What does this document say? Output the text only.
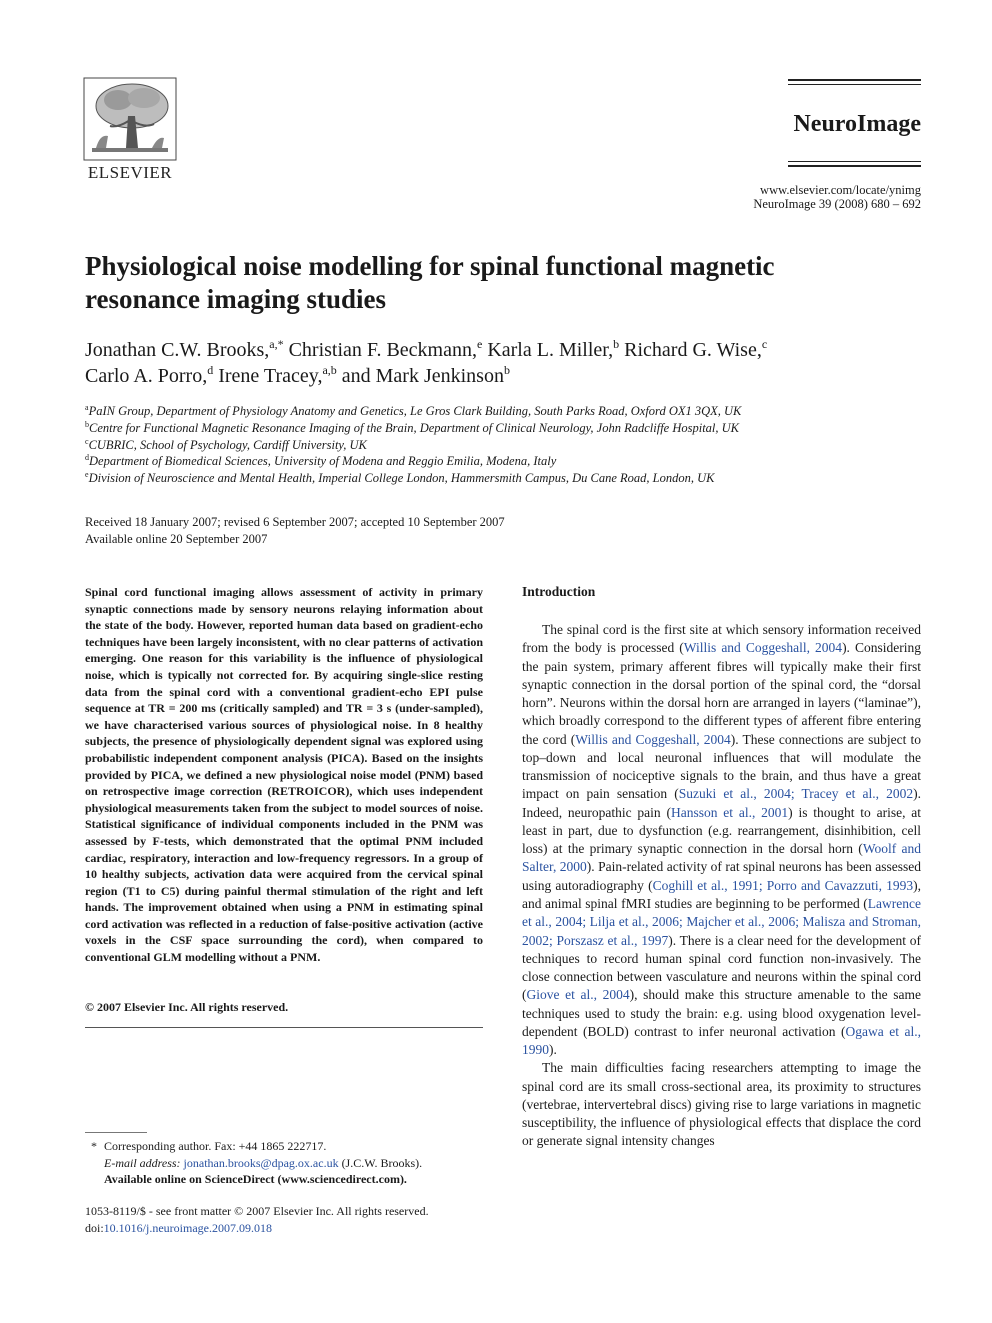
ELSEVIER
NeuroImage
www.elsevier.com/locate/ynimg
NeuroImage 39 (2008) 680 – 692
Physiological noise modelling for spinal functional magnetic resonance imaging studies
Jonathan C.W. Brooks,$^{a,*}$ Christian F. Beckmann,$^e$ Karla L. Miller,$^b$ Richard G. Wise,$^c$
Carlo A. Porro,$^d$ Irene Tracey,$^{a,b}$ and Mark Jenkinson$^b$
$^a$PaIN Group, Department of Physiology Anatomy and Genetics, Le Gros Clark Building, South Parks Road, Oxford OX1 3QX, UK
$^b$Centre for Functional Magnetic Resonance Imaging of the Brain, Department of Clinical Neurology, John Radcliffe Hospital, UK
$^c$CUBRIC, School of Psychology, Cardiff University, UK
$^d$Department of Biomedical Sciences, University of Modena and Reggio Emilia, Modena, Italy
$^e$Division of Neuroscience and Mental Health, Imperial College London, Hammersmith Campus, Du Cane Road, London, UK
Received 18 January 2007; revised 6 September 2007; accepted 10 September 2007
Available online 20 September 2007
Spinal cord functional imaging allows assessment of activity in primary synaptic connections made by sensory neurons relaying information about the state of the body. However, reported human data based on gradient-echo techniques have been largely inconsistent, with no clear patterns of activation emerging. One reason for this variability is the influence of physiological noise, which is typically not corrected for. By acquiring single-slice resting data from the spinal cord with a conventional gradient-echo EPI pulse sequence at TR = 200 ms (critically sampled) and TR = 3 s (under-sampled), we have characterised various sources of physiological noise. In 8 healthy subjects, the presence of physiologically dependent signal was explored using probabilistic independent component analysis (PICA). Based on the insights provided by PICA, we defined a new physiological noise model (PNM) based on retrospective image correction (RETROICOR), which uses independent physiological measurements taken from the subject to model sources of noise. Statistical significance of individual components included in the PNM was assessed by F-tests, which demonstrated that the optimal PNM included cardiac, respiratory, interaction and low-frequency regressors. In a group of 10 healthy subjects, activation data were acquired from the cervical spinal region (T1 to C5) during painful thermal stimulation of the right and left hands. The improvement obtained when using a PNM in estimating spinal cord activation was reflected in a reduction of false-positive activation (active voxels in the CSF space surrounding the cord), when compared to conventional GLM modelling without a PNM.
© 2007 Elsevier Inc. All rights reserved.
* Corresponding author. Fax: +44 1865 222717.
E-mail address: jonathan.brooks@dpag.ox.ac.uk (J.C.W. Brooks).
Available online on ScienceDirect (www.sciencedirect.com).
1053-8119/$ - see front matter © 2007 Elsevier Inc. All rights reserved.
doi:10.1016/j.neuroimage.2007.09.018
Introduction

The spinal cord is the first site at which sensory information received from the body is processed (Willis and Coggeshall, 2004). Considering the pain system, primary afferent fibres will typically make their first synaptic connection in the dorsal portion of the spinal cord, the “dorsal horn”. Neurons within the dorsal horn are arranged in layers (“laminae”), which broadly correspond to the different types of afferent fibre entering the cord (Willis and Coggeshall, 2004). These connections are subject to top–down and local neuronal influences that will modulate the transmission of nociceptive signals to the brain, and thus have a great impact on pain sensation (Suzuki et al., 2004; Tracey et al., 2002). Indeed, neuropathic pain (Hansson et al., 2001) is thought to arise, at least in part, due to dysfunction (e.g. rearrangement, disinhibition, cell loss) at the primary synaptic connection in the dorsal horn (Woolf and Salter, 2000). Pain-related activity of rat spinal neurons has been assessed using autoradiography (Coghill et al., 1991; Porro and Cavazzuti, 1993), and animal spinal fMRI studies are beginning to be performed (Lawrence et al., 2004; Lilja et al., 2006; Majcher et al., 2006; Malisza and Stroman, 2002; Porszasz et al., 1997). There is a clear need for the development of techniques to record human spinal cord function non-invasively. The close connection between vasculature and neurons within the spinal cord (Giove et al., 2004), should make this structure amenable to the same techniques used to study the brain: e.g. using blood oxygenation level-dependent (BOLD) contrast to infer neuronal activation (Ogawa et al., 1990).

The main difficulties facing researchers attempting to image the spinal cord are its small cross-sectional area, its proximity to structures (vertebrae, intervertebral discs) giving rise to large variations in magnetic susceptibility, the influence of physiological effects that displace the cord or generate signal intensity changes
